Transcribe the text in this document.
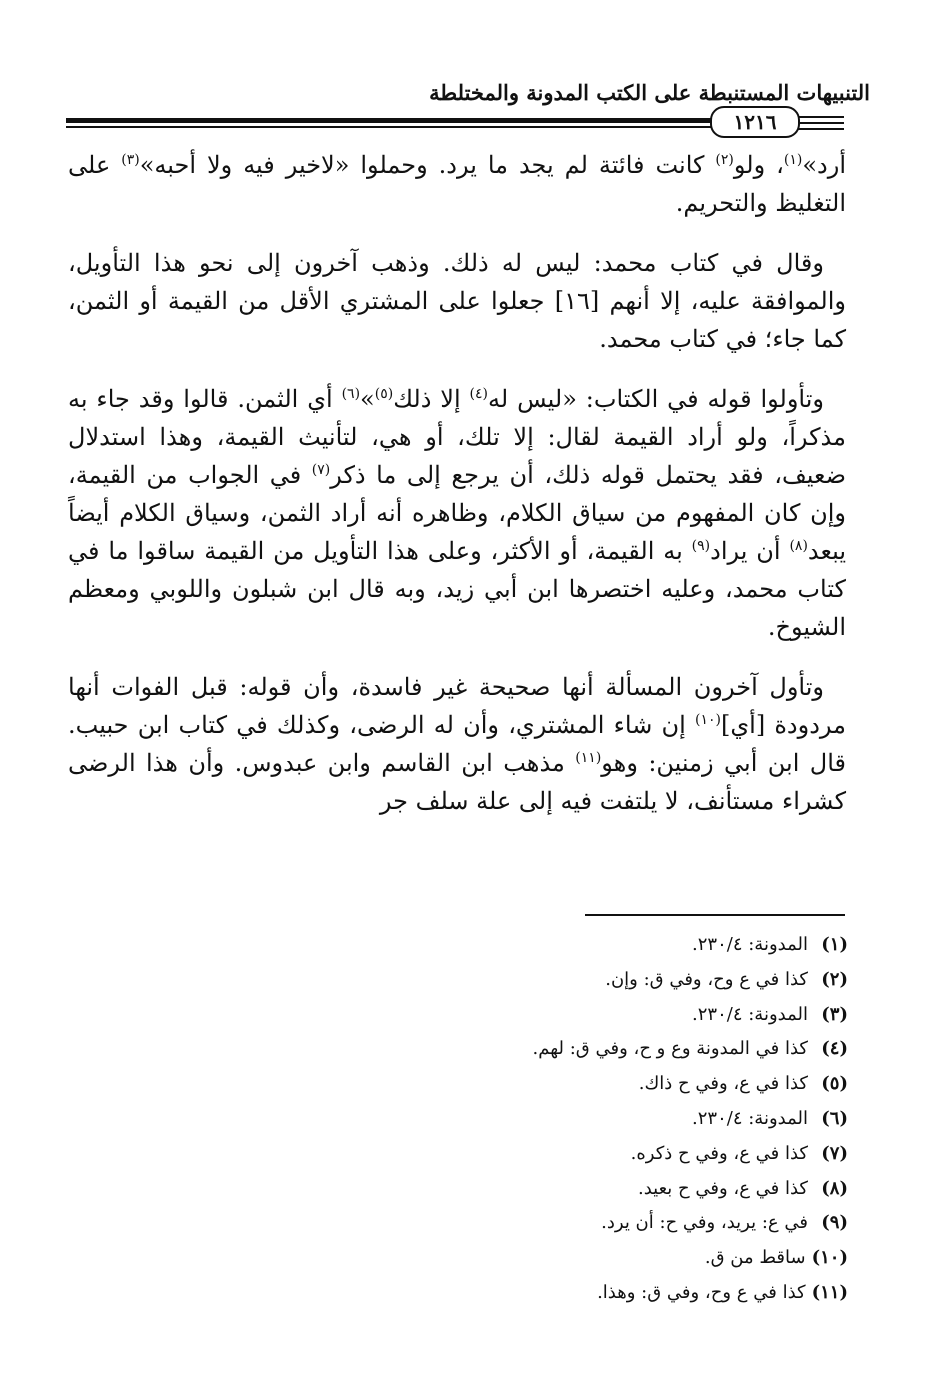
التنبيهات المستنبطة على الكتب المدونة والمختلطة
١٢١٦

أرد»$^{(١)}$، ولو$^{(٢)}$ كانت فائتة لم يجد ما يرد. وحملوا «لاخير فيه ولا أحبه»$^{(٣)}$ على التغليظ والتحريم.

وقال في كتاب محمد: ليس له ذلك. وذهب آخرون إلى نحو هذا التأويل، والموافقة عليه، إلا أنهم [١٦] جعلوا على المشتري الأقل من القيمة أو الثمن، كما جاء؛ في كتاب محمد.

وتأولوا قوله في الكتاب: «ليس له$^{(٤)}$ إلا ذلك$^{(٥)}$»$^{(٦)}$ أي الثمن. قالوا وقد جاء به مذكراً، ولو أراد القيمة لقال: إلا تلك، أو هي، لتأنيث القيمة، وهذا استدلال ضعيف، فقد يحتمل قوله ذلك، أن يرجع إلى ما ذكر$^{(٧)}$ في الجواب من القيمة، وإن كان المفهوم من سياق الكلام، وظاهره أنه أراد الثمن، وسياق الكلام أيضاً يبعد$^{(٨)}$ أن يراد$^{(٩)}$ به القيمة، أو الأكثر، وعلى هذا التأويل من القيمة ساقوا ما في كتاب محمد، وعليه اختصرها ابن أبي زيد، وبه قال ابن شبلون واللوبي ومعظم الشيوخ.

وتأول آخرون المسألة أنها صحيحة غير فاسدة، وأن قوله: قبل الفوات أنها مردودة [أي]$^{(١٠)}$ إن شاء المشتري، وأن له الرضى، وكذلك في كتاب ابن حبيب. قال ابن أبي زمنين: وهو$^{(١١)}$ مذهب ابن القاسم وابن عبدوس. وأن هذا الرضى كشراء مستأنف، لا يلتفت فيه إلى علة سلف جر

(١)المدونة: ٢٣٠/٤.
(٢)كذا في ع وح، وفي ق: وإن.
(٣)المدونة: ٢٣٠/٤.
(٤)كذا في المدونة وع و ح، وفي ق: لهم.
(٥)كذا في ع، وفي ح ذاك.
(٦)المدونة: ٢٣٠/٤.
(٧)كذا في ع، وفي ح ذكره.
(٨)كذا في ع، وفي ح بعيد.
(٩)في ع: يريد، وفي ح: أن يرد.
(١٠)ساقط من ق.
(١١)كذا في ع وح، وفي ق: وهذا.
